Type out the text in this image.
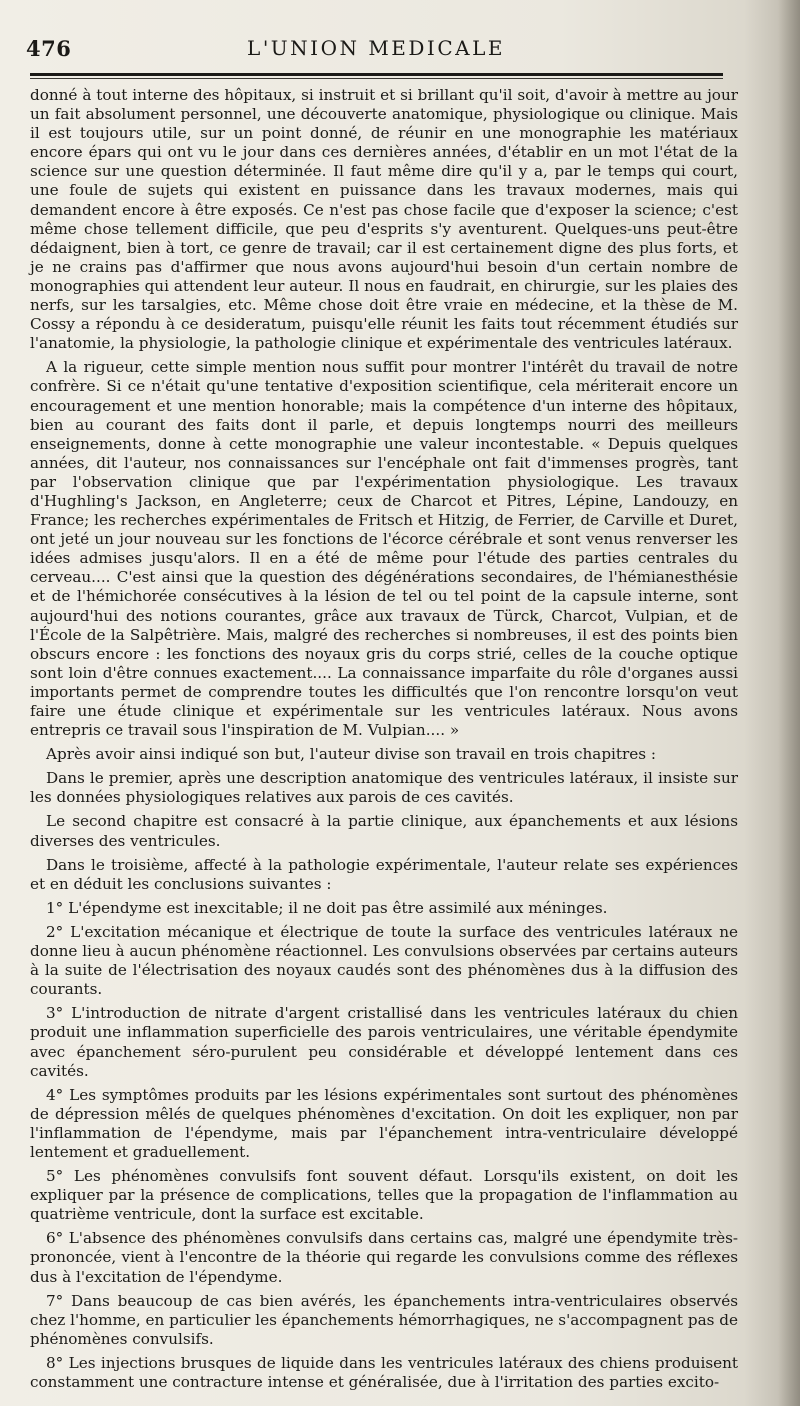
476	L'UNION MEDICALE

donné à tout interne des hôpitaux, si instruit et si brillant qu'il soit, d'avoir à mettre au jour un fait absolument personnel, une découverte anatomique, physiologique ou clinique. Mais il est toujours utile, sur un point donné, de réunir en une monographie les matériaux encore épars qui ont vu le jour dans ces dernières années, d'établir en un mot l'état de la science sur une question déterminée. Il faut même dire qu'il y a, par le temps qui court, une foule de sujets qui existent en puissance dans les travaux modernes, mais qui demandent encore à être exposés. Ce n'est pas chose facile que d'exposer la science; c'est même chose tellement difficile, que peu d'esprits s'y aventurent. Quelques-uns peut-être dédaignent, bien à tort, ce genre de travail; car il est certainement digne des plus forts, et je ne crains pas d'affirmer que nous avons aujourd'hui besoin d'un certain nombre de monographies qui attendent leur auteur. Il nous en faudrait, en chirurgie, sur les plaies des nerfs, sur les tarsalgies, etc. Même chose doit être vraie en médecine, et la thèse de M. Cossy a répondu à ce desideratum, puisqu'elle réunit les faits tout récemment étudiés sur l'anatomie, la physiologie, la pathologie clinique et expérimentale des ventricules latéraux.

A la rigueur, cette simple mention nous suffit pour montrer l'intérêt du travail de notre confrère. Si ce n'était qu'une tentative d'exposition scientifique, cela mériterait encore un encouragement et une mention honorable; mais la compétence d'un interne des hôpitaux, bien au courant des faits dont il parle, et depuis longtemps nourri des meilleurs enseignements, donne à cette monographie une valeur incontestable. « Depuis quelques années, dit l'auteur, nos connaissances sur l'encéphale ont fait d'immenses progrès, tant par l'observation clinique que par l'expérimentation physiologique. Les travaux d'Hughling's Jackson, en Angleterre; ceux de Charcot et Pitres, Lépine, Landouzy, en France; les recherches expérimentales de Fritsch et Hitzig, de Ferrier, de Carville et Duret, ont jeté un jour nouveau sur les fonctions de l'écorce cérébrale et sont venus renverser les idées admises jusqu'alors. Il en a été de même pour l'étude des parties centrales du cerveau.... C'est ainsi que la question des dégénérations secondaires, de l'hémianesthésie et de l'hémichorée consécutives à la lésion de tel ou tel point de la capsule interne, sont aujourd'hui des notions courantes, grâce aux travaux de Türck, Charcot, Vulpian, et de l'École de la Salpêtrière. Mais, malgré des recherches si nombreuses, il est des points bien obscurs encore : les fonctions des noyaux gris du corps strié, celles de la couche optique sont loin d'être connues exactement.... La connaissance imparfaite du rôle d'organes aussi importants permet de comprendre toutes les difficultés que l'on rencontre lorsqu'on veut faire une étude clinique et expérimentale sur les ventricules latéraux. Nous avons entrepris ce travail sous l'inspiration de M. Vulpian.... »

Après avoir ainsi indiqué son but, l'auteur divise son travail en trois chapitres :

Dans le premier, après une description anatomique des ventricules latéraux, il insiste sur les données physiologiques relatives aux parois de ces cavités.

Le second chapitre est consacré à la partie clinique, aux épanchements et aux lésions diverses des ventricules.

Dans le troisième, affecté à la pathologie expérimentale, l'auteur relate ses expériences et en déduit les conclusions suivantes :

1° L'épendyme est inexcitable; il ne doit pas être assimilé aux méninges.

2° L'excitation mécanique et électrique de toute la surface des ventricules latéraux ne donne lieu à aucun phénomène réactionnel. Les convulsions observées par certains auteurs à la suite de l'électrisation des noyaux caudés sont des phénomènes dus à la diffusion des courants.

3° L'introduction de nitrate d'argent cristallisé dans les ventricules latéraux du chien produit une inflammation superficielle des parois ventriculaires, une véritable épendymite avec épanchement séro-purulent peu considérable et développé lentement dans ces cavités.

4° Les symptômes produits par les lésions expérimentales sont surtout des phénomènes de dépression mêlés de quelques phénomènes d'excitation. On doit les expliquer, non par l'inflammation de l'épendyme, mais par l'épanchement intra-ventriculaire développé lentement et graduellement.

5° Les phénomènes convulsifs font souvent défaut. Lorsqu'ils existent, on doit les expliquer par la présence de complications, telles que la propagation de l'inflammation au quatrième ventricule, dont la surface est excitable.

6° L'absence des phénomènes convulsifs dans certains cas, malgré une épendymite très-prononcée, vient à l'encontre de la théorie qui regarde les convulsions comme des réflexes dus à l'excitation de l'épendyme.

7° Dans beaucoup de cas bien avérés, les épanchements intra-ventriculaires observés chez l'homme, en particulier les épanchements hémorrhagiques, ne s'accompagnent pas de phénomènes convulsifs.

8° Les injections brusques de liquide dans les ventricules latéraux des chiens produisent constamment une contracture intense et généralisée, due à l'irritation des parties excito-
